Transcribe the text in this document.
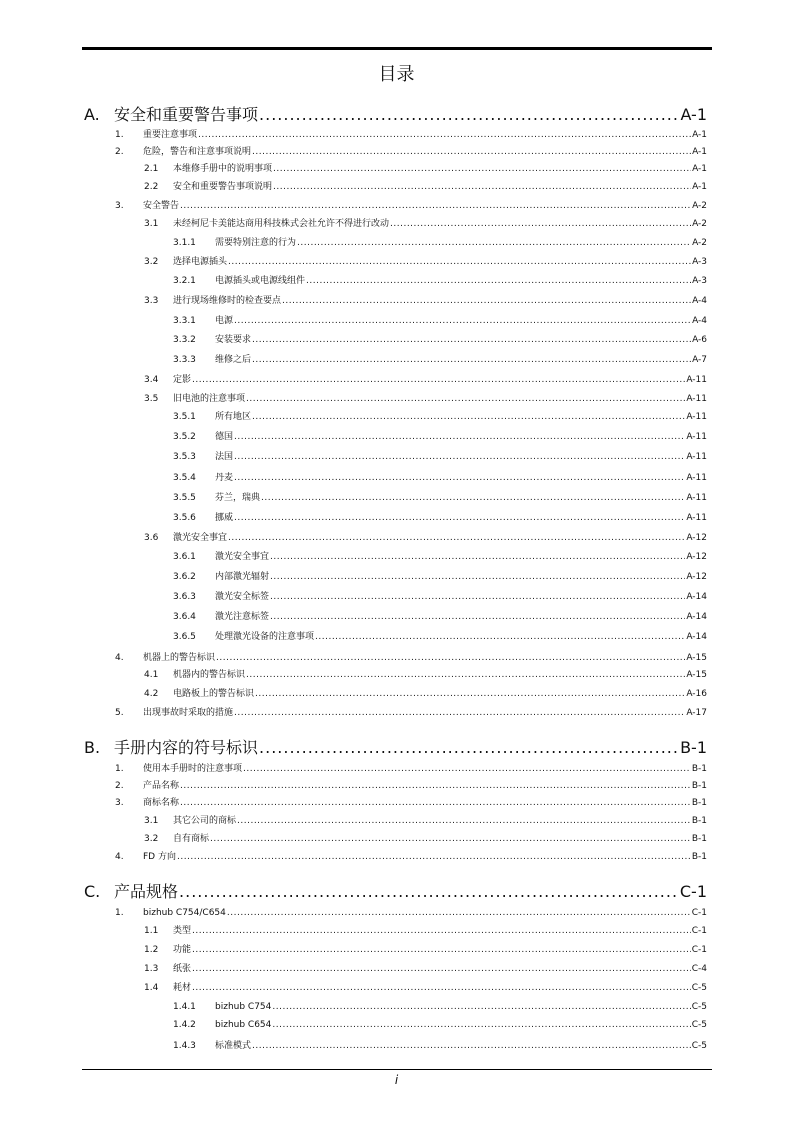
目录
A. 安全和重要警告事项 .....	A-1
1.	重要注意事项 .....	A-1
2.	危险，警告和注意事项说明 .....	A-1
2.1	本维修手册中的说明事项 .....	A-1
2.2	安全和重要警告事项说明 .....	A-1
3.	安全警告 .....	A-2
3.1	未经柯尼卡美能达商用科技株式会社允许不得进行改动 .....	A-2
3.1.1	需要特别注意的行为 .....	A-2
3.2	选择电源插头 .....	A-3
3.2.1	电源插头或电源线组件 .....	A-3
3.3	进行现场维修时的检查要点 .....	A-4
3.3.1	电源 .....	A-4
3.3.2	安装要求 .....	A-6
3.3.3	维修之后 .....	A-7
3.4	定影 .....	A-11
3.5	旧电池的注意事项 .....	A-11
3.5.1	所有地区 .....	A-11
3.5.2	德国 .....	A-11
3.5.3	法国 .....	A-11
3.5.4	丹麦 .....	A-11
3.5.5	芬兰，瑞典 .....	A-11
3.5.6	挪威 .....	A-11
3.6	激光安全事宜 .....	A-12
3.6.1	激光安全事宜 .....	A-12
3.6.2	内部激光辐射 .....	A-12
3.6.3	激光安全标签 .....	A-14
3.6.4	激光注意标签 .....	A-14
3.6.5	处理激光设备的注意事项 .....	A-14
4.	机器上的警告标识 .....	A-15
4.1	机器内的警告标识 .....	A-15
4.2	电路板上的警告标识 .....	A-16
5.	出现事故时采取的措施 .....	A-17
B. 手册内容的符号标识 .....	B-1
1.	使用本手册时的注意事项 .....	B-1
2.	产品名称 .....	B-1
3.	商标名称 .....	B-1
3.1	其它公司的商标 .....	B-1
3.2	自有商标 .....	B-1
4.	FD 方向 .....	B-1
C. 产品规格 .....	C-1
1.	bizhub C754/C654 .....	C-1
1.1	类型 .....	C-1
1.2	功能 .....	C-1
1.3	纸张 .....	C-4
1.4	耗材 .....	C-5
1.4.1	bizhub C754 .....	C-5
1.4.2	bizhub C654 .....	C-5
1.4.3	标准模式 .....	C-5
i
